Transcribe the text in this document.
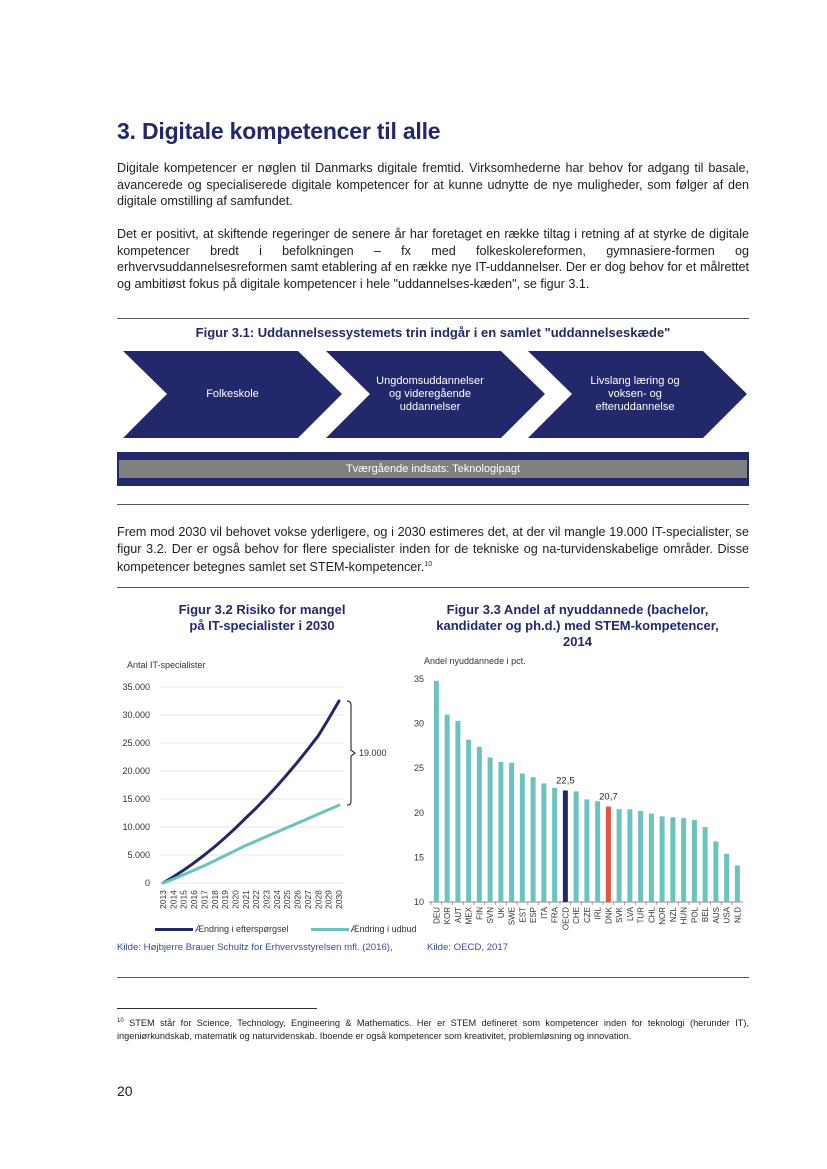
3. Digitale kompetencer til alle
Digitale kompetencer er nøglen til Danmarks digitale fremtid. Virksomhederne har behov for adgang til basale, avancerede og specialiserede digitale kompetencer for at kunne udnytte de nye muligheder, som følger af den digitale omstilling af samfundet.
Det er positivt, at skiftende regeringer de senere år har foretaget en række tiltag i retning af at styrke de digitale kompetencer bredt i befolkningen – fx med folkeskolereformen, gymnasiere-formen og erhvervsuddannelsesreformen samt etablering af en række nye IT-uddannelser. Der er dog behov for et målrettet og ambitiøst fokus på digitale kompetencer i hele "uddannelses-kæden", se figur 3.1.
Figur 3.1: Uddannelsessystemets trin indgår i en samlet "uddannelseskæde"
Folkeskole
Ungdomsuddannelser
og videregående
uddannelser
Livslang læring og
voksen- og
efteruddannelse
Tværgående indsats: Teknologipagt
Frem mod 2030 vil behovet vokse yderligere, og i 2030 estimeres det, at der vil mangle 19.000 IT-specialister, se figur 3.2. Der er også behov for flere specialister inden for de tekniske og na-turvidenskabelige områder. Disse kompetencer betegnes samlet set STEM-kompetencer.$^{10}$
Figur 3.2 Risiko for mangel
på IT-specialister i 2030
Figur 3.3 Andel af nyuddannede (bachelor,
kandidater og ph.d.) med STEM-kompetencer,
2014
Antal IT-specialister
0
5.000
10.000
15.000
20.000
25.000
30.000
35.000
2013 2014 2015 2016 2017 2018 2019 2020 2021 2022 2023 2024 2025 2026 2027 2028 2029 2030
19.000
Ændring i efterspørgsel	Ændring i udbud
Kilde: Højbjerre Brauer Schultz for Erhvervsstyrelsen mfl. (2016),
Andel nyuddannede i pct.
10
15
20
25
30
35
DEU KOR AUT MEX FIN SVN UK SWE EST ESP ITA FRA OECD
22,5
CHE CZE IRL DNK
20,7
SVK LVA TUR CHL NOR NZL HUN POL BEL AUS USA NLD
Kilde: OECD, 2017
$^{10}$ STEM står for Science, Technology, Engineering & Mathematics. Her er STEM defineret som kompetencer inden for teknologi (herunder IT), ingeniørkundskab, matematik og naturvidenskab. Iboende er også kompetencer som kreativitet, problemløsning og innovation.
20
